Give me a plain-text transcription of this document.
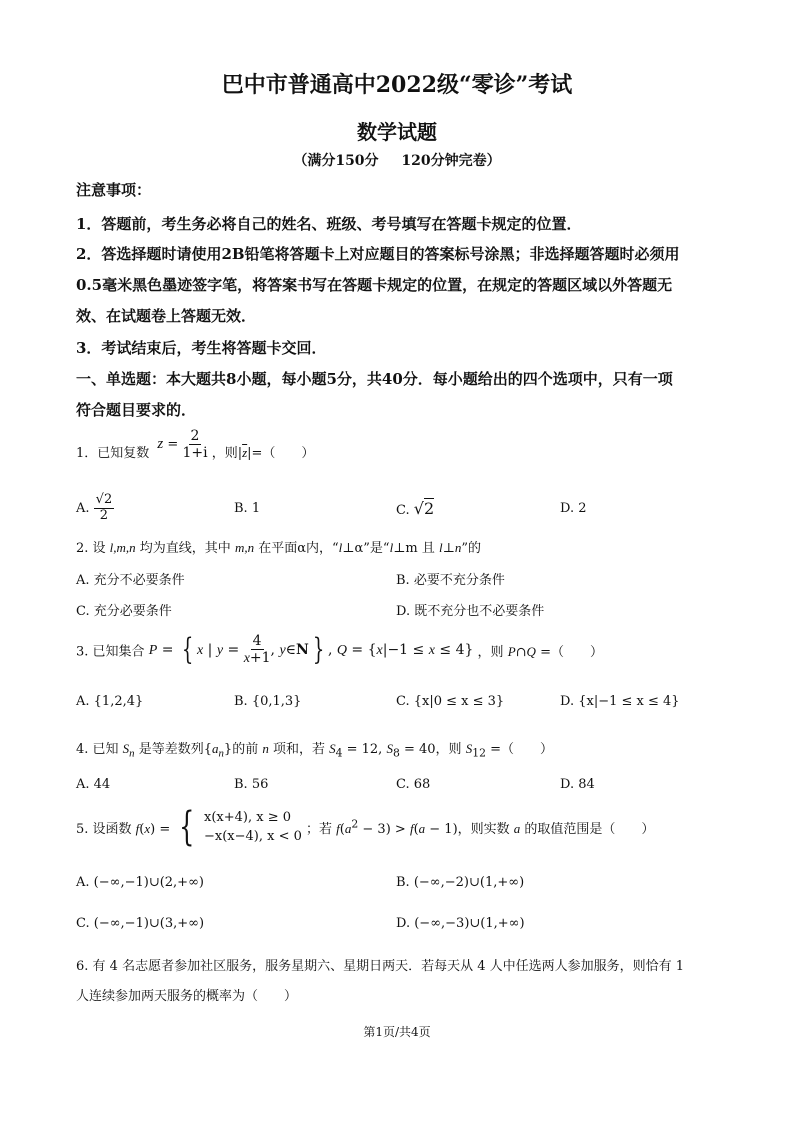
巴中市普通高中2022级“零诊”考试
数学试题
（满分150分　 120分钟完卷）
注意事项：
1．答题前，考生务必将自己的姓名、班级、考号填写在答题卡规定的位置．
2．答选择题时请使用2B铅笔将答题卡上对应题目的答案标号涂黑；非选择题答题时必须用
0.5毫米黑色墨迹签字笔，将答案书写在答题卡规定的位置，在规定的答题区域以外答题无
效、在试题卷上答题无效．
3．考试结束后，考生将答题卡交回．
一、单选题：本大题共8小题，每小题5分，共40分．每小题给出的四个选项中，只有一项
符合题目要求的．
1．已知复数 $z = \frac{2}{1+i}$ ，则$|\overline{z}|=$（　　）
A. $\frac{√2}{2}$	B. 1	C. √2	D. 2
2. 设 l,m,n 均为直线，其中 m,n 在平面α内，“l⊥α”是“l⊥m 且 l⊥n”的
A. 充分不必要条件	B. 必要不充分条件
C. 充分必要条件	D. 既不充分也不必要条件
3. 已知集合 P = { x | $y = \frac{4}{x+1}$ , y∈N } , Q = {x|−1 ≤ x ≤ 4} ，则 P∩Q =（　　）
A. {1,2,4}	B. {0,1,3}	C. {x|0 ≤ x ≤ 3}	D. {x|−1 ≤ x ≤ 4}
4. 已知 $S_n$ 是等差数列$\{a_n\}$的前 n 项和，若 $S_4 = 12$, $S_8 = 40$，则 $S_{12}$ =（　　）
A. 44	B. 56	C. 68	D. 84
5. 设函数 f(x) = { x(x+4), x ≥ 0
−x(x−4), x < 0 ；若 $f(a^2 - 3) > f(a - 1)$，则实数 a 的取值范围是（　　）
A. (−∞,−1)∪(2,+∞)	B. (−∞,−2)∪(1,+∞)
C. (−∞,−1)∪(3,+∞)	D. (−∞,−3)∪(1,+∞)
6. 有 4 名志愿者参加社区服务，服务星期六、星期日两天．若每天从 4 人中任选两人参加服务，则恰有 1
人连续参加两天服务的概率为（　　）
第1页/共4页
